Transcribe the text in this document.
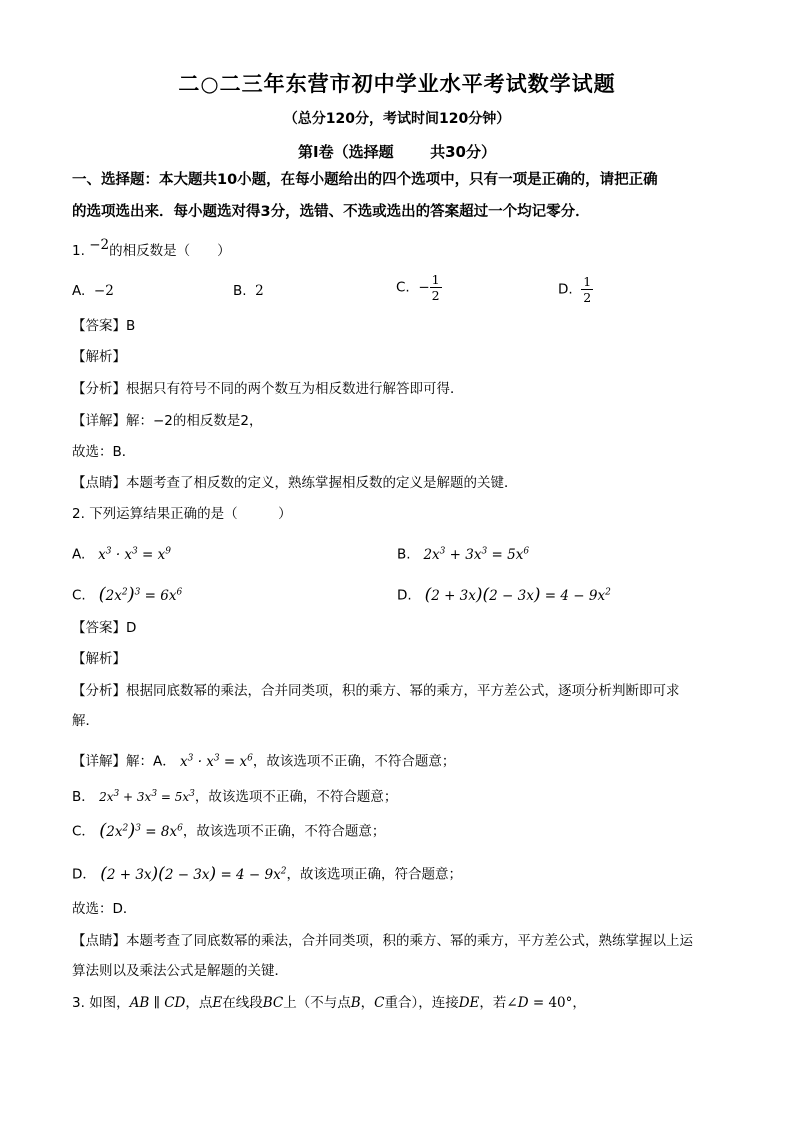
二○二三年东营市初中学业水平考试数学试题
（总分120分，考试时间120分钟）
第Ⅰ卷（选择题       共30分）
一、选择题：本大题共10小题，在每小题给出的四个选项中，只有一项是正确的，请把正确
的选项选出来．每小题选对得3分，选错、不选或选出的答案超过一个均记零分．
1. −2的相反数是（　　）
A. −2	B. 2	C. − $\frac{1}{2}$	D. $\frac{1}{2}$
【答案】B
【解析】
【分析】根据只有符号不同的两个数互为相反数进行解答即可得．
【详解】解：−2的相反数是2，
故选：B．
【点睛】本题考查了相反数的定义，熟练掌握相反数的定义是解题的关键．
2. 下列运算结果正确的是（　　　）
A. $x^3 \cdot x^3 = x^9$	B. $2x^3 + 3x^3 = 5x^6$
C. $(2x^2)^3 = 6x^6$	D. $(2 + 3x)(2 - 3x) = 4 - 9x^2$
【答案】D
【解析】
【分析】根据同底数幂的乘法，合并同类项，积的乘方、幂的乘方，平方差公式，逐项分析判断即可求
解．
【详解】解：A． $x^3 \cdot x^3 = x^6$，故该选项不正确，不符合题意；
B． $2x^3 + 3x^3 = 5x^3$，故该选项不正确，不符合题意；
C． $(2x^2)^3 = 8x^6$，故该选项不正确，不符合题意；
D． $(2 + 3x)(2 - 3x) = 4 - 9x^2$，故该选项正确，符合题意；
故选：D．
【点睛】本题考查了同底数幂的乘法，合并同类项，积的乘方、幂的乘方，平方差公式，熟练掌握以上运
算法则以及乘法公式是解题的关键．
3. 如图，AB ∥ CD，点E在线段BC上（不与点B，C重合），连接DE，若∠D = 40°，
